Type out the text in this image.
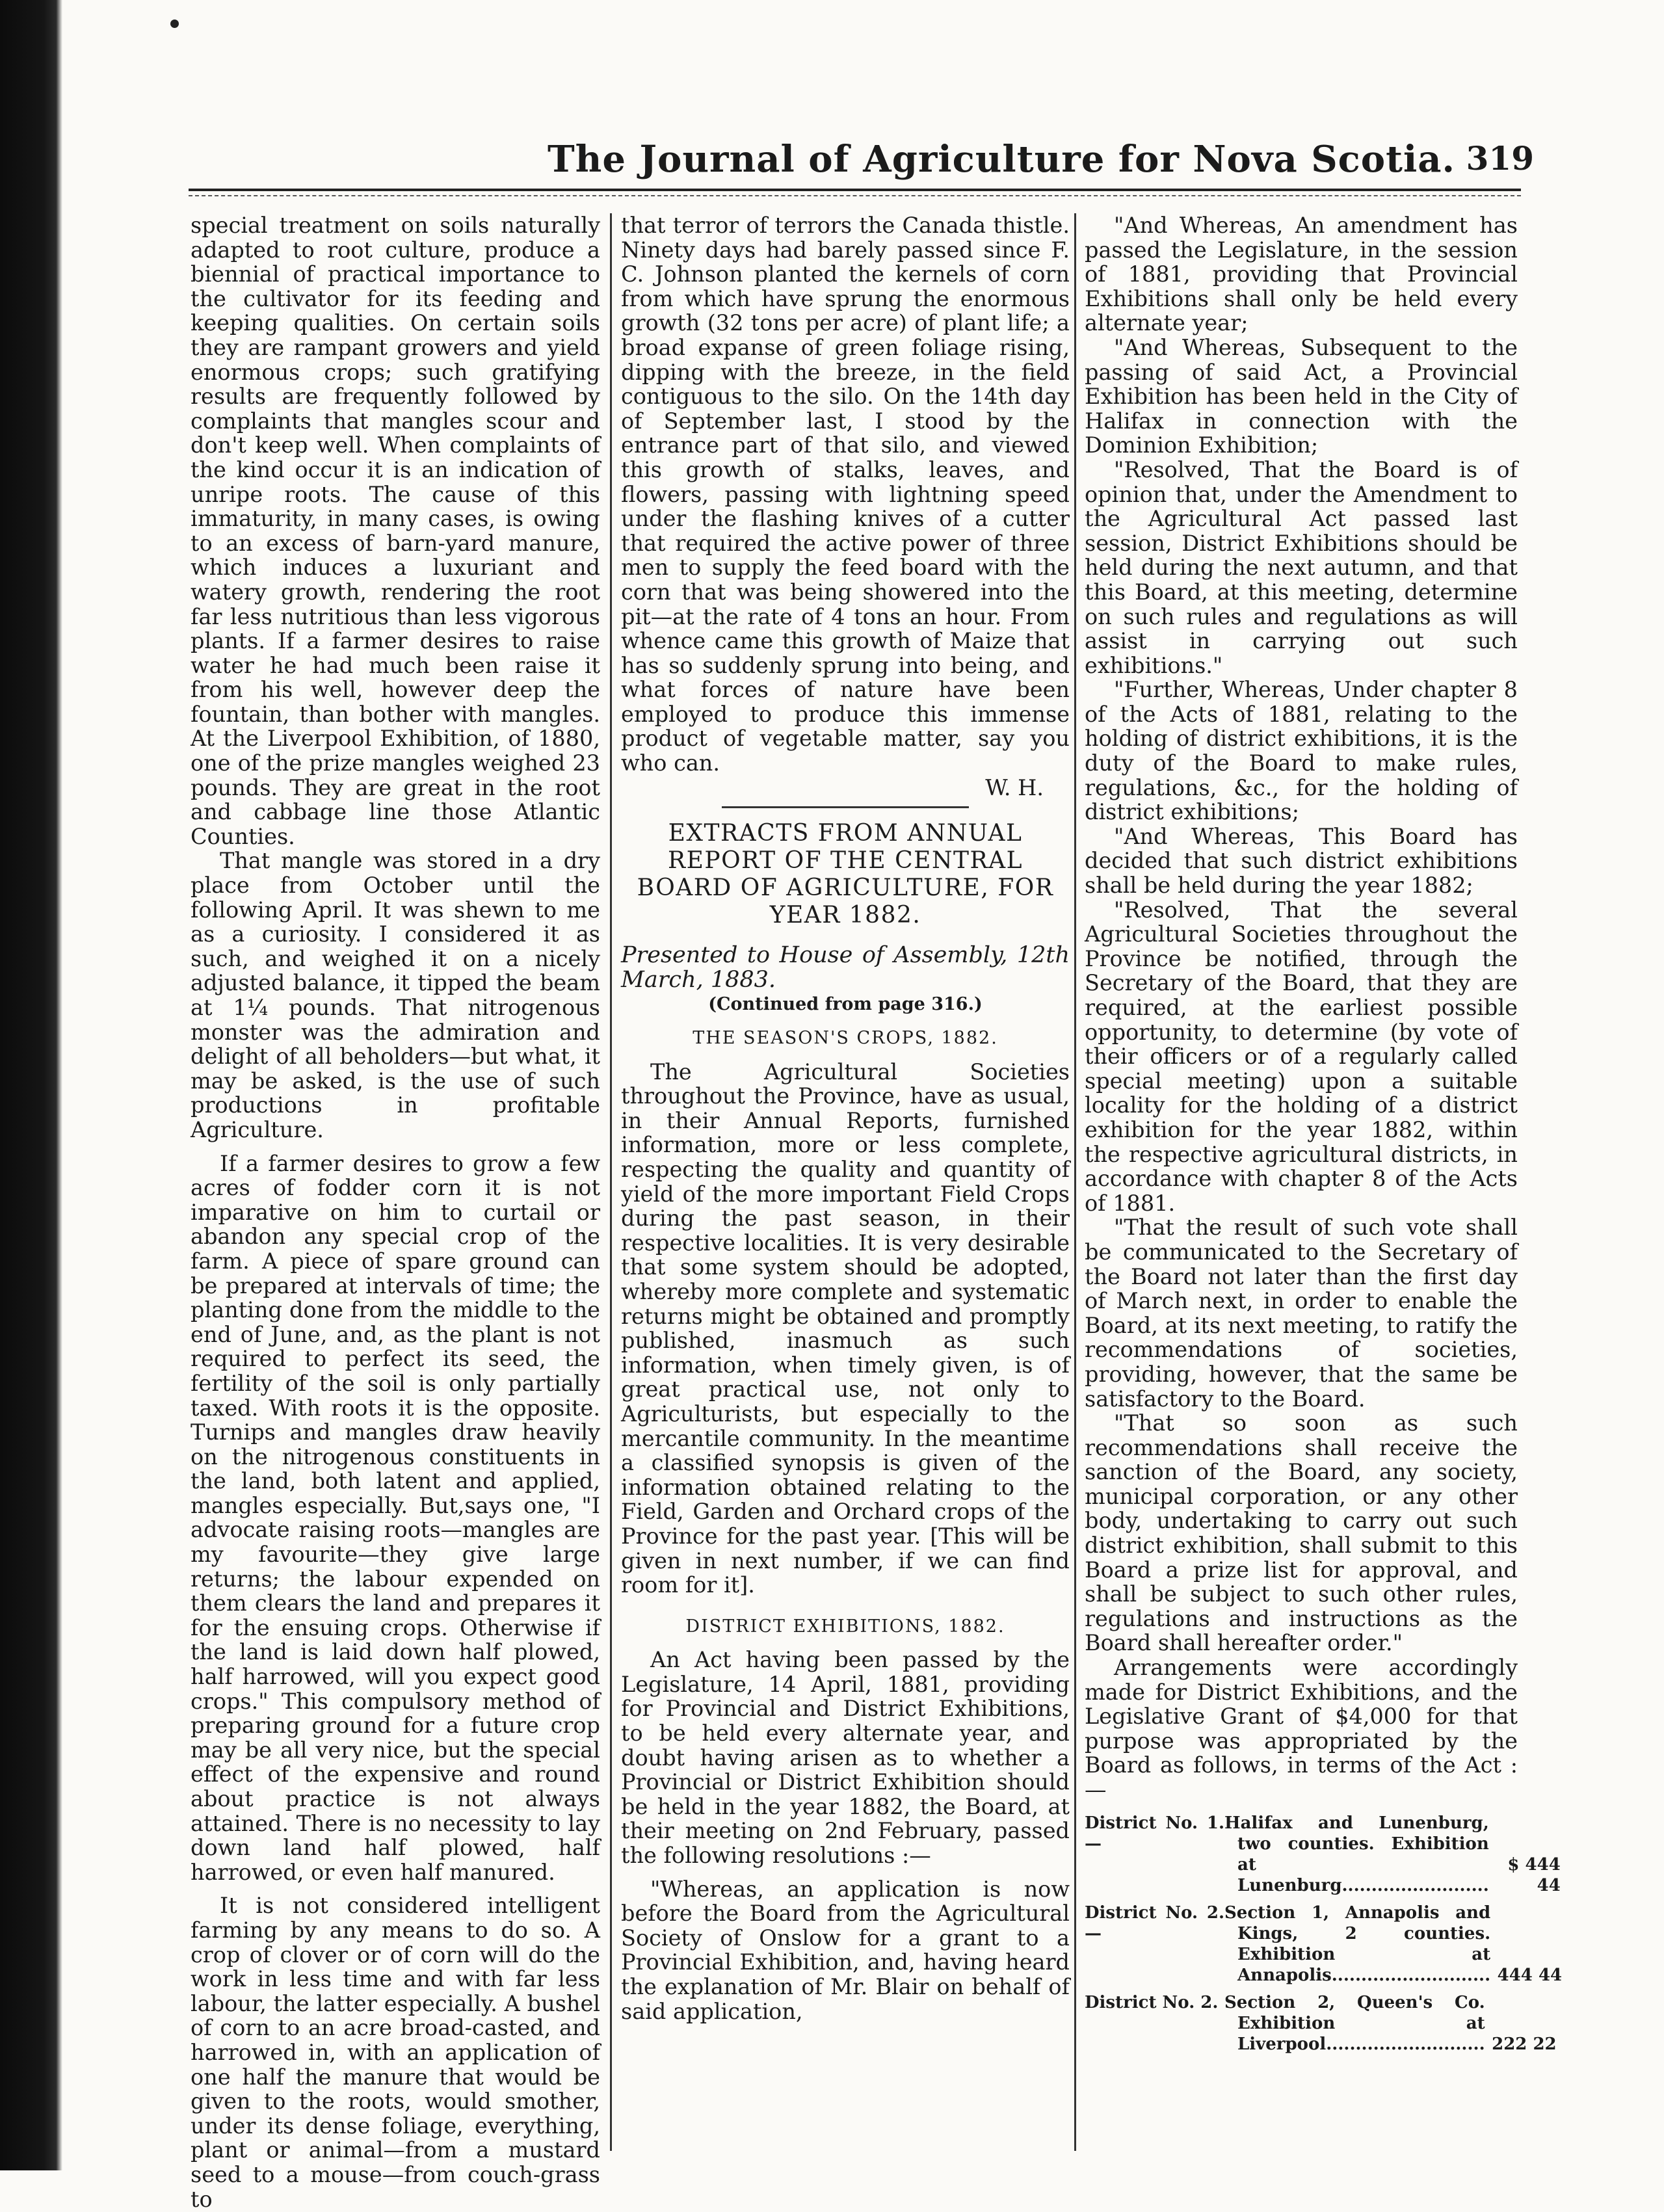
The Journal of Agriculture for Nova Scotia. 319

special treatment on soils naturally adapted to root culture, produce a biennial of practical importance to the cultivator for its feeding and keeping qualities. On certain soils they are rampant growers and yield enormous crops; such gratifying results are frequently followed by complaints that mangles scour and don't keep well. When complaints of the kind occur it is an indication of unripe roots. The cause of this immaturity, in many cases, is owing to an excess of barn-yard manure, which induces a luxuriant and watery growth, rendering the root far less nutritious than less vigorous plants. If a farmer desires to raise water he had much been raise it from his well, however deep the fountain, than bother with mangles. At the Liverpool Exhibition, of 1880, one of the prize mangles weighed 23 pounds. They are great in the root and cabbage line those Atlantic Counties.

That mangle was stored in a dry place from October until the following April. It was shewn to me as a curiosity. I considered it as such, and weighed it on a nicely adjusted balance, it tipped the beam at 1¼ pounds. That nitrogenous monster was the admiration and delight of all beholders—but what, it may be asked, is the use of such productions in profitable Agriculture.

If a farmer desires to grow a few acres of fodder corn it is not imparative on him to curtail or abandon any special crop of the farm. A piece of spare ground can be prepared at intervals of time; the planting done from the middle to the end of June, and, as the plant is not required to perfect its seed, the fertility of the soil is only partially taxed. With roots it is the opposite. Turnips and mangles draw heavily on the nitrogenous constituents in the land, both latent and applied, mangles especially. But,says one, "I advocate raising roots—mangles are my favourite—they give large returns; the labour expended on them clears the land and prepares it for the ensuing crops. Otherwise if the land is laid down half plowed, half harrowed, will you expect good crops." This compulsory method of preparing ground for a future crop may be all very nice, but the special effect of the expensive and round about practice is not always attained. There is no necessity to lay down land half plowed, half harrowed, or even half manured.

It is not considered intelligent farming by any means to do so. A crop of clover or of corn will do the work in less time and with far less labour, the latter especially. A bushel of corn to an acre broad-casted, and harrowed in, with an application of one half the manure that would be given to the roots, would smother, under its dense foliage, everything, plant or animal—from a mustard seed to a mouse—from couch-grass to

that terror of terrors the Canada thistle. Ninety days had barely passed since F. C. Johnson planted the kernels of corn from which have sprung the enormous growth (32 tons per acre) of plant life; a broad expanse of green foliage rising, dipping with the breeze, in the field contiguous to the silo. On the 14th day of September last, I stood by the entrance part of that silo, and viewed this growth of stalks, leaves, and flowers, passing with lightning speed under the flashing knives of a cutter that required the active power of three men to supply the feed board with the corn that was being showered into the pit—at the rate of 4 tons an hour. From whence came this growth of Maize that has so suddenly sprung into being, and what forces of nature have been employed to produce this immense product of vegetable matter, say you who can.

W. H.

EXTRACTS FROM ANNUAL REPORT OF THE CENTRAL BOARD OF AGRICULTURE, FOR YEAR 1882.

Presented to House of Assembly, 12th March, 1883.

(Continued from page 316.)
THE SEASON'S CROPS, 1882.

The Agricultural Societies throughout the Province, have as usual, in their Annual Reports, furnished information, more or less complete, respecting the quality and quantity of yield of the more important Field Crops during the past season, in their respective localities. It is very desirable that some system should be adopted, whereby more complete and systematic returns might be obtained and promptly published, inasmuch as such information, when timely given, is of great practical use, not only to Agriculturists, but especially to the mercantile community. In the meantime a classified synopsis is given of the information obtained relating to the Field, Garden and Orchard crops of the Province for the past year. [This will be given in next number, if we can find room for it].

DISTRICT EXHIBITIONS, 1882.

An Act having been passed by the Legislature, 14 April, 1881, providing for Provincial and District Exhibitions, to be held every alternate year, and doubt having arisen as to whether a Provincial or District Exhibition should be held in the year 1882, the Board, at their meeting on 2nd February, passed the following resolutions :—

"Whereas, an application is now before the Board from the Agricultural Society of Onslow for a grant to a Provincial Exhibition, and, having heard the explanation of Mr. Blair on behalf of said application,

"And Whereas, An amendment has passed the Legislature, in the session of 1881, providing that Provincial Exhibitions shall only be held every alternate year;

"And Whereas, Subsequent to the passing of said Act, a Provincial Exhibition has been held in the City of Halifax in connection with the Dominion Exhibition;

"Resolved, That the Board is of opinion that, under the Amendment to the Agricultural Act passed last session, District Exhibitions should be held during the next autumn, and that this Board, at this meeting, determine on such rules and regulations as will assist in carrying out such exhibitions."

"Further, Whereas, Under chapter 8 of the Acts of 1881, relating to the holding of district exhibitions, it is the duty of the Board to make rules, regulations, &c., for the holding of district exhibitions;

"And Whereas, This Board has decided that such district exhibitions shall be held during the year 1882;

"Resolved, That the several Agricultural Societies throughout the Province be notified, through the Secretary of the Board, that they are required, at the earliest possible opportunity, to determine (by vote of their officers or of a regularly called special meeting) upon a suitable locality for the holding of a district exhibition for the year 1882, within the respective agricultural districts, in accordance with chapter 8 of the Acts of 1881.

"That the result of such vote shall be communicated to the Secretary of the Board not later than the first day of March next, in order to enable the Board, at its next meeting, to ratify the recommendations of societies, providing, however, that the same be satisfactory to the Board.

"That so soon as such recommendations shall receive the sanction of the Board, any society, municipal corporation, or any other body, undertaking to carry out such district exhibition, shall submit to this Board a prize list for approval, and shall be subject to such other rules, regulations and instructions as the Board shall hereafter order."

Arrangements were accordingly made for District Exhibitions, and the Legislative Grant of $4,000 for that purpose was appropriated by the Board as follows, in terms of the Act :—

District No. 1.—
Halifax and Lunenburg, two counties. Exhibition at Lunenburg.........................
$ 444 44
District No. 2.—
Section 1, Annapolis and Kings, 2 counties. Exhibition at Annapolis........................... 444 44
District No. 2. Section 2, Queen's Co. Exhibition at Liverpool........................... 222 22
